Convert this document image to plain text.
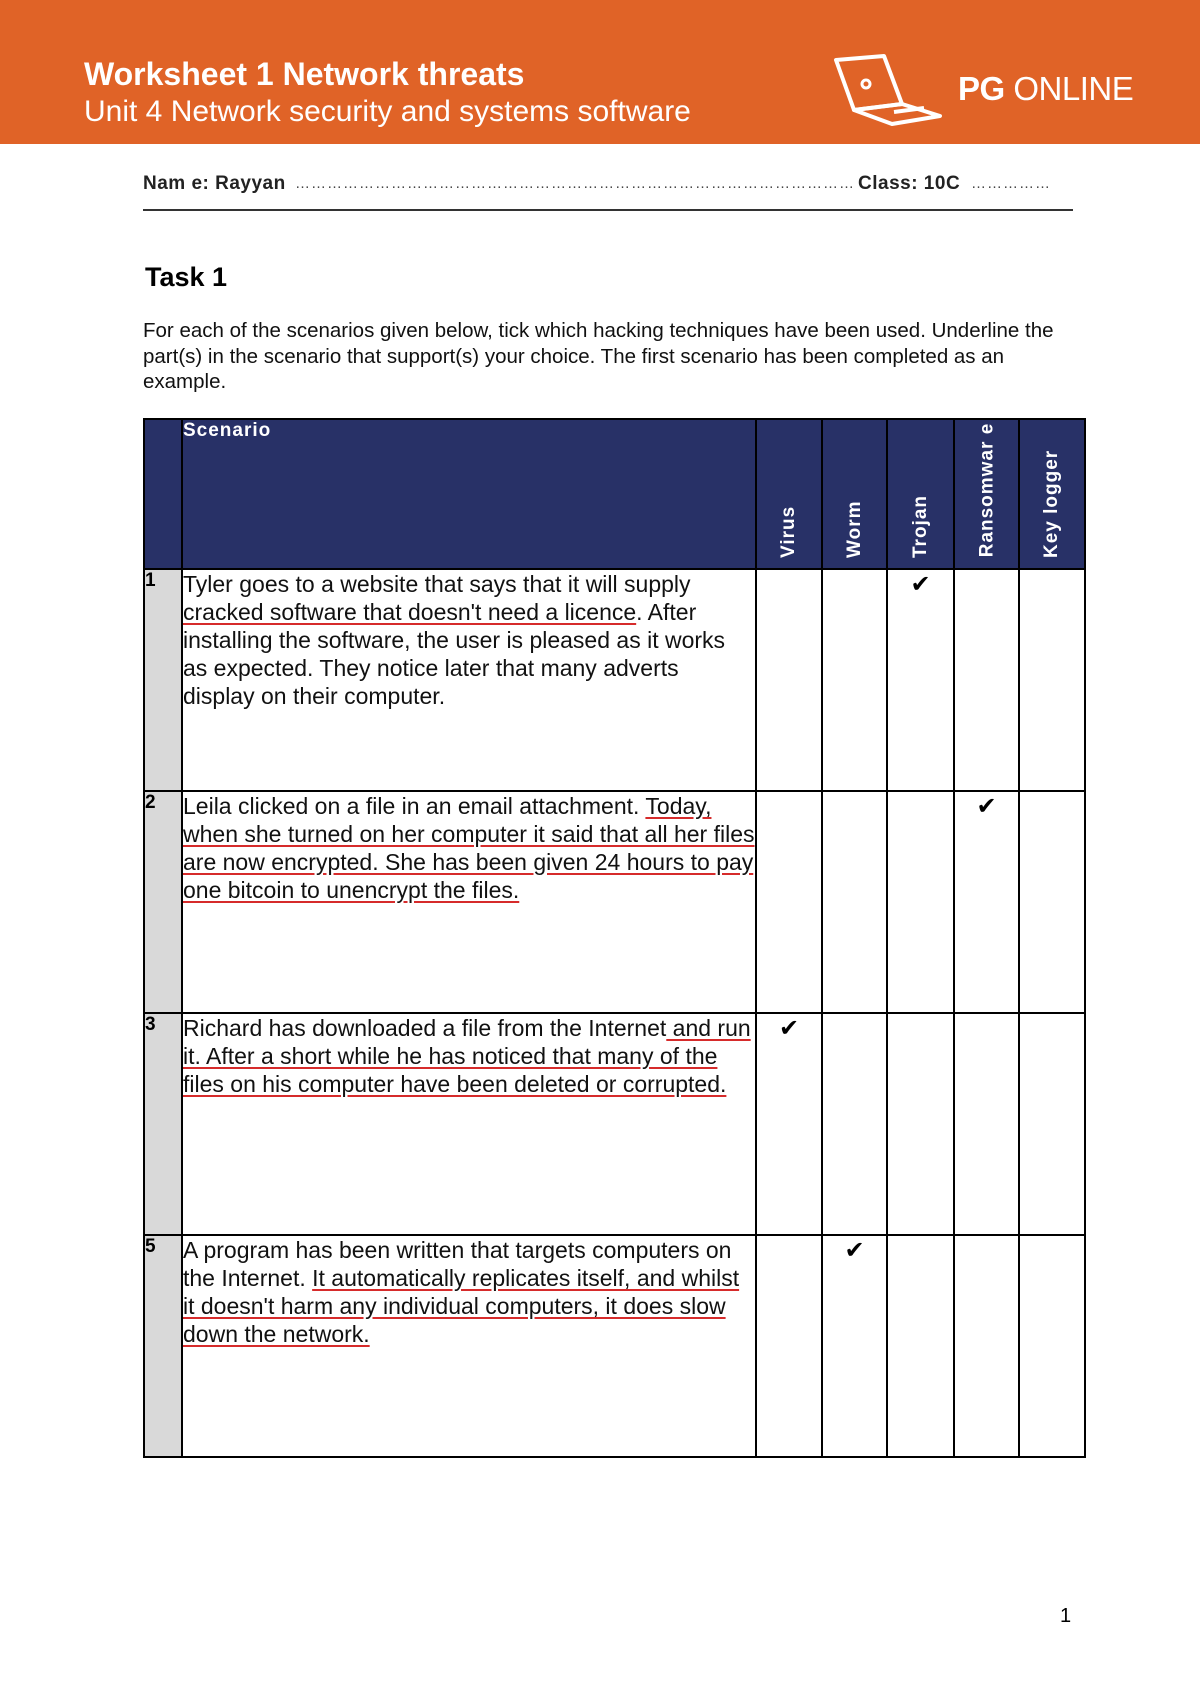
Worksheet 1 Network threats
Unit 4 Network security and systems software
PG ONLINE
Nam e: Rayyan …………………………………………………………………………………………… Class: 10C ……………
Task 1
For each of the scenarios given below, tick which hacking techniques have been used. Underline the part(s) in the scenario that support(s) your choice. The first scenario has been completed as an example.
	Scenario	Virus	Worm	Trojan	Ransomwar e	Key logger

1	Tyler goes to a website that says that it will supply cracked software that doesn't need a licence. After installing the software, the user is pleased as it works as expected. They notice later that many adverts display on their computer.			✔		
2	Leila clicked on a file in an email attachment. Today, when she turned on her computer it said that all her files are now encrypted. She has been given 24 hours to pay one bitcoin to unencrypt the files.				✔	
3	Richard has downloaded a file from the Internet and run it. After a short while he has noticed that many of the files on his computer have been deleted or corrupted.	✔				
5	A program has been written that targets computers on the Internet. It automatically replicates itself, and whilst it doesn't harm any individual computers, it does slow down the network.		✔			
1
